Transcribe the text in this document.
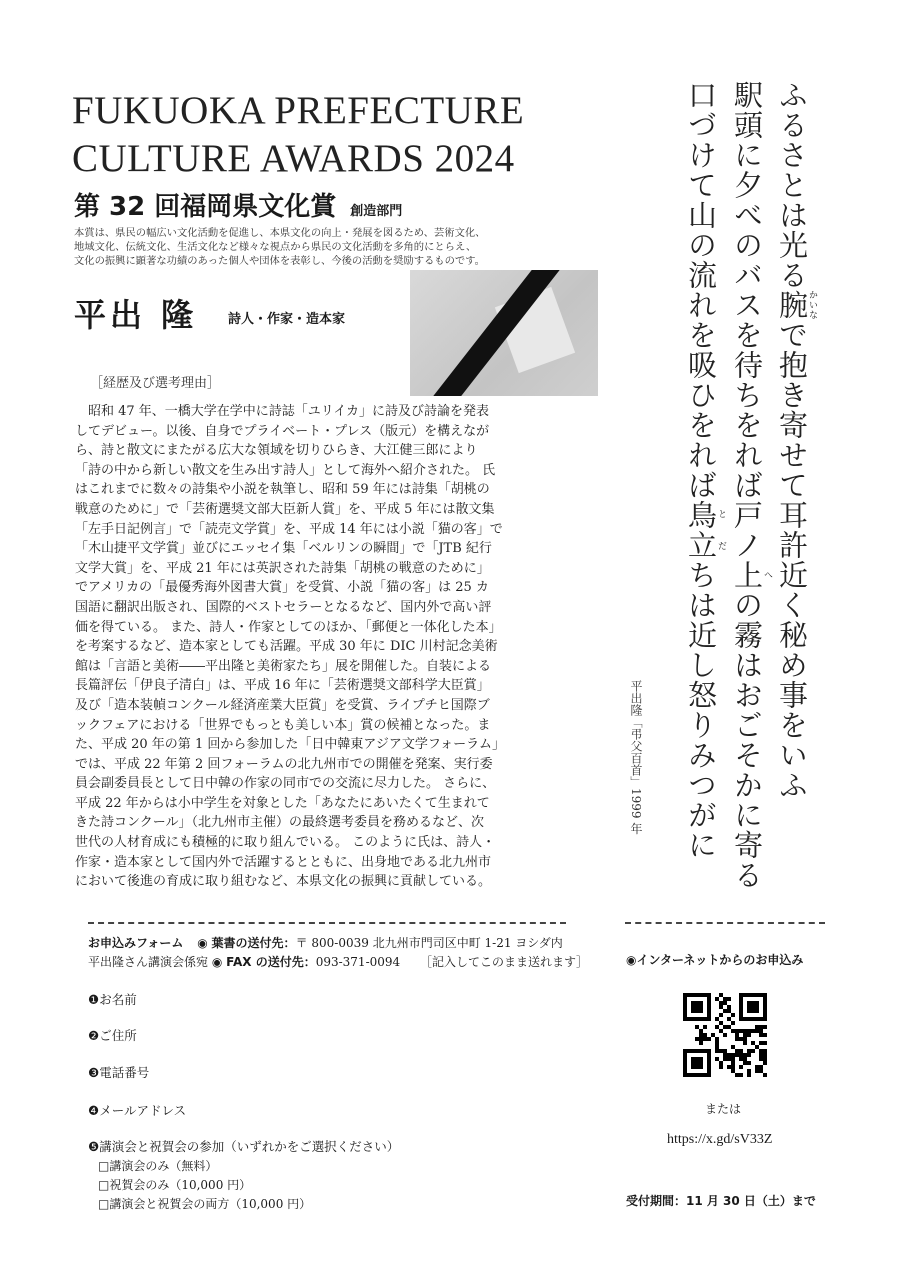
FUKUOKA PREFECTURE
CULTURE AWARDS 2024
第 32 回福岡県文化賞 創造部門
本賞は、県民の幅広い文化活動を促進し、本県文化の向上・発展を図るため、芸術文化、
地域文化、伝統文化、生活文化など様々な視点から県民の文化活動を多角的にとらえ、
文化の振興に顕著な功績のあった個人や団体を表彰し、今後の活動を奨励するものです。
平出 隆 詩人・作家・造本家
［経歴及び選考理由］
　昭和 47 年、一橋大学在学中に詩誌「ユリイカ」に詩及び詩論を発表
してデビュー。以後、自身でプライベート・プレス（版元）を構えなが
ら、詩と散文にまたがる広大な領域を切りひらき、大江健三郎により
「詩の中から新しい散文を生み出す詩人」として海外へ紹介された。 氏
はこれまでに数々の詩集や小説を執筆し、昭和 59 年には詩集「胡桃の
戦意のために」で「芸術選奨文部大臣新人賞」を、平成 5 年には散文集
「左手日記例言」で「読売文学賞」を、平成 14 年には小説「猫の客」で
「木山捷平文学賞」並びにエッセイ集「ベルリンの瞬間」で「JTB 紀行
文学大賞」を、平成 21 年には英訳された詩集「胡桃の戦意のために」
でアメリカの「最優秀海外図書大賞」を受賞、小説「猫の客」は 25 カ
国語に翻訳出版され、国際的ベストセラーとなるなど、国内外で高い評
価を得ている。 また、詩人・作家としてのほか、「郵便と一体化した本」
を考案するなど、造本家としても活躍。平成 30 年に DIC 川村記念美術
館は「言語と美術――平出隆と美術家たち」展を開催した。自装による
長篇評伝「伊良子清白」は、平成 16 年に「芸術選奨文部科学大臣賞」
及び「造本装幀コンクール経済産業大臣賞」を受賞、ライプチヒ国際ブ
ックフェアにおける「世界でもっとも美しい本」賞の候補となった。ま
た、平成 20 年の第 1 回から参加した「日中韓東アジア文学フォーラム」
では、平成 22 年第 2 回フォーラムの北九州市での開催を発案、実行委
員会副委員長として日中韓の作家の同市での交流に尽力した。 さらに、
平成 22 年からは小中学生を対象とした「あなたにあいたくて生まれて
きた詩コンクール」（北九州市主催）の最終選考委員を務めるなど、次
世代の人材育成にも積極的に取り組んでいる。 このように氏は、詩人・
作家・造本家として国内外で活躍するとともに、出身地である北九州市
において後進の育成に取り組むなど、本県文化の振興に貢献している。
ふるさとは光る腕かいなで抱き寄せて耳許近く秘め事をいふ
駅頭に夕べのバスを待ちをれば戸ノ上への霧はおごそかに寄る
口づけて山の流れを吸ひをれば鳥立とだちは近し怒りみつがに
平出隆「弔父百首」1999 年
お申込みフォーム ◉ 葉書の送付先：〒 800-0039 北九州市門司区中町 1-21 ヨシダ内
平出隆さん講演会係宛 ◉ FAX の送付先：093-371-0094 ［記入してこのまま送れます］
❶お名前
❷ご住所
❸電話番号
❹メールアドレス
❺講演会と祝賀会の参加（いずれかをご選択ください）
□講演会のみ（無料）
□祝賀会のみ（10,000 円）
□講演会と祝賀会の両方（10,000 円）
◉インターネットからのお申込み
または
https://x.gd/sV33Z
受付期間：11 月 30 日（土）まで
